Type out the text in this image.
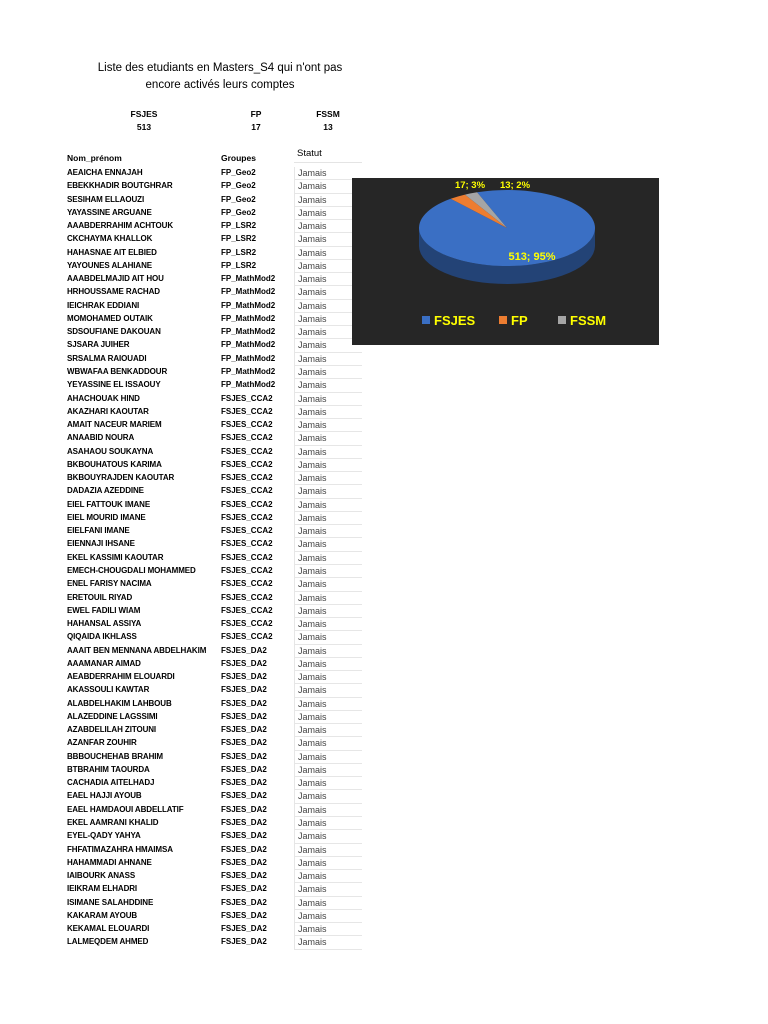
Liste des etudiants en Masters_S4 qui n'ont pas
encore activés leurs comptes
FSJES
513
FP
17
FSSM
13
Nom_prénom	Groupes	Statut
AEAICHA ENNAJAH	FP_Geo2	Jamais
EBEKKHADIR BOUTGHRAR	FP_Geo2	Jamais
SESIHAM ELLAOUZI	FP_Geo2	Jamais
YAYASSINE ARGUANE	FP_Geo2	Jamais
AAABDERRAHIM ACHTOUK	FP_LSR2	Jamais
CKCHAYMA KHALLOK	FP_LSR2	Jamais
HAHASNAE AIT ELBIED	FP_LSR2	Jamais
YAYOUNES ALAHIANE	FP_LSR2	Jamais
AAABDELMAJID AIT HOU	FP_MathMod2	Jamais
HRHOUSSAME RACHAD	FP_MathMod2	Jamais
IEICHRAK EDDIANI	FP_MathMod2	Jamais
MOMOHAMED OUTAIK	FP_MathMod2	Jamais
SDSOUFIANE DAKOUAN	FP_MathMod2	Jamais
SJSARA JUIHER	FP_MathMod2	Jamais
SRSALMA RAIOUADI	FP_MathMod2	Jamais
WBWAFAA BENKADDOUR	FP_MathMod2	Jamais
YEYASSINE EL ISSAOUY	FP_MathMod2	Jamais
AHACHOUAK HIND	FSJES_CCA2	Jamais
AKAZHARI KAOUTAR	FSJES_CCA2	Jamais
AMAIT NACEUR MARIEM	FSJES_CCA2	Jamais
ANAABID NOURA	FSJES_CCA2	Jamais
ASAHAOU SOUKAYNA	FSJES_CCA2	Jamais
BKBOUHATOUS KARIMA	FSJES_CCA2	Jamais
BKBOUYRAJDEN KAOUTAR	FSJES_CCA2	Jamais
DADAZIA AZEDDINE	FSJES_CCA2	Jamais
EIEL FATTOUK IMANE	FSJES_CCA2	Jamais
EIEL MOURID IMANE	FSJES_CCA2	Jamais
EIELFANI IMANE	FSJES_CCA2	Jamais
EIENNAJI IHSANE	FSJES_CCA2	Jamais
EKEL KASSIMI KAOUTAR	FSJES_CCA2	Jamais
EMECH-CHOUGDALI MOHAMMED	FSJES_CCA2	Jamais
ENEL FARISY NACIMA	FSJES_CCA2	Jamais
ERETOUIL RIYAD	FSJES_CCA2	Jamais
EWEL FADILI WIAM	FSJES_CCA2	Jamais
HAHANSAL ASSIYA	FSJES_CCA2	Jamais
QIQAIDA IKHLASS	FSJES_CCA2	Jamais
AAAIT BEN MENNANA ABDELHAKIM FSJES_DA2	Jamais
AAAMANAR AIMAD	FSJES_DA2	Jamais
AEABDERRAHIM ELOUARDI	FSJES_DA2	Jamais
AKASSOULI KAWTAR	FSJES_DA2	Jamais
ALABDELHAKIM LAHBOUB	FSJES_DA2	Jamais
ALAZEDDINE LAGSSIMI	FSJES_DA2	Jamais
AZABDELILAH ZITOUNI	FSJES_DA2	Jamais
AZANFAR ZOUHIR	FSJES_DA2	Jamais
BBBOUCHEHAB BRAHIM	FSJES_DA2	Jamais
BTBRAHIM TAOURDA	FSJES_DA2	Jamais
CACHADIA AITELHADJ	FSJES_DA2	Jamais
EAEL HAJJI AYOUB	FSJES_DA2	Jamais
EAEL HAMDAOUI ABDELLATIF	FSJES_DA2	Jamais
EKEL AAMRANI KHALID	FSJES_DA2	Jamais
EYEL-QADY YAHYA	FSJES_DA2	Jamais
FHFATIMAZAHRA HMAIMSA	FSJES_DA2	Jamais
HAHAMMADI AHNANE	FSJES_DA2	Jamais
IAIBOURK ANASS	FSJES_DA2	Jamais
IEIKRAM ELHADRI	FSJES_DA2	Jamais
ISIMANE SALAHDDINE	FSJES_DA2	Jamais
KAKARAM AYOUB	FSJES_DA2	Jamais
KEKAMAL ELOUARDI	FSJES_DA2	Jamais
LALMEQDEM AHMED	FSJES_DA2	Jamais
513; 95%
17; 3% 13; 2%
FSJES	FP	FSSM
